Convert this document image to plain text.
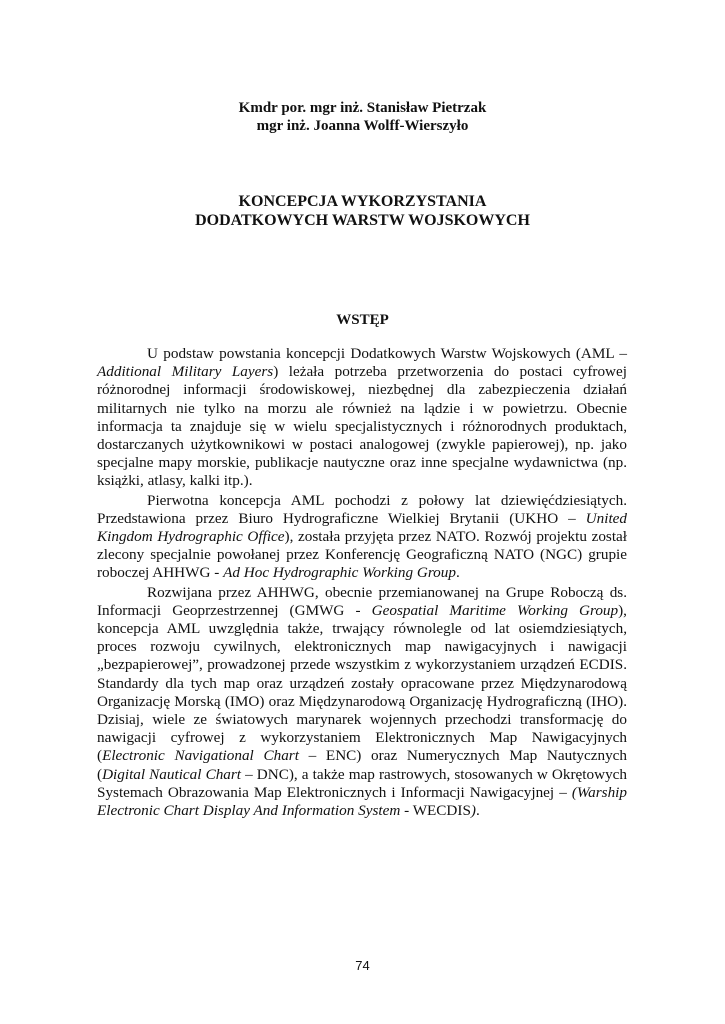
Kmdr por. mgr inż. Stanisław Pietrzak
mgr inż. Joanna Wolff-Wierszyło
KONCEPCJA WYKORZYSTANIA
DODATKOWYCH WARSTW WOJSKOWYCH
WSTĘP

U podstaw powstania koncepcji Dodatkowych Warstw Wojskowych (AML – Additional Military Layers) leżała potrzeba przetworzenia do postaci cyfrowej różnorodnej informacji środowiskowej, niezbędnej dla zabezpieczenia działań militarnych nie tylko na morzu ale również na lądzie i w powietrzu. Obecnie informacja ta znajduje się w wielu specjalistycznych i różnorodnych produktach, dostarczanych użytkownikowi w postaci analogowej (zwykle papierowej), np. jako specjalne mapy morskie, publikacje nautyczne oraz inne specjalne wydawnictwa (np. książki, atlasy, kalki itp.).

Pierwotna koncepcja AML pochodzi z połowy lat dziewięćdziesiątych. Przedstawiona przez Biuro Hydrograficzne Wielkiej Brytanii (UKHO – United Kingdom Hydrographic Office), została przyjęta przez NATO. Rozwój projektu został zlecony specjalnie powołanej przez Konferencję Geograficzną NATO (NGC) grupie roboczej AHHWG - Ad Hoc Hydrographic Working Group.

Rozwijana przez AHHWG, obecnie przemianowanej na Grupe Roboczą ds. Informacji Geoprzestrzennej (GMWG - Geospatial Maritime Working Group), koncepcja AML uwzględnia także, trwający równolegle od lat osiemdziesiątych, proces rozwoju cywilnych, elektronicznych map nawigacyjnych i nawigacji „bezpapierowej”, prowadzonej przede wszystkim z wykorzystaniem urządzeń ECDIS. Standardy dla tych map oraz urządzeń zostały opracowane przez Międzynarodową Organizację Morską (IMO) oraz Międzynarodową Organizację Hydrograficzną (IHO). Dzisiaj, wiele ze światowych marynarek wojennych przechodzi transformację do nawigacji cyfrowej z wykorzystaniem Elektronicznych Map Nawigacyjnych (Electronic Navigational Chart – ENC) oraz Numerycznych Map Nautycznych (Digital Nautical Chart – DNC), a także map rastrowych, stosowanych w Okrętowych Systemach Obrazowania Map Elektronicznych i Informacji Nawigacyjnej – (Warship Electronic Chart Display And Information System - WECDIS).

74
